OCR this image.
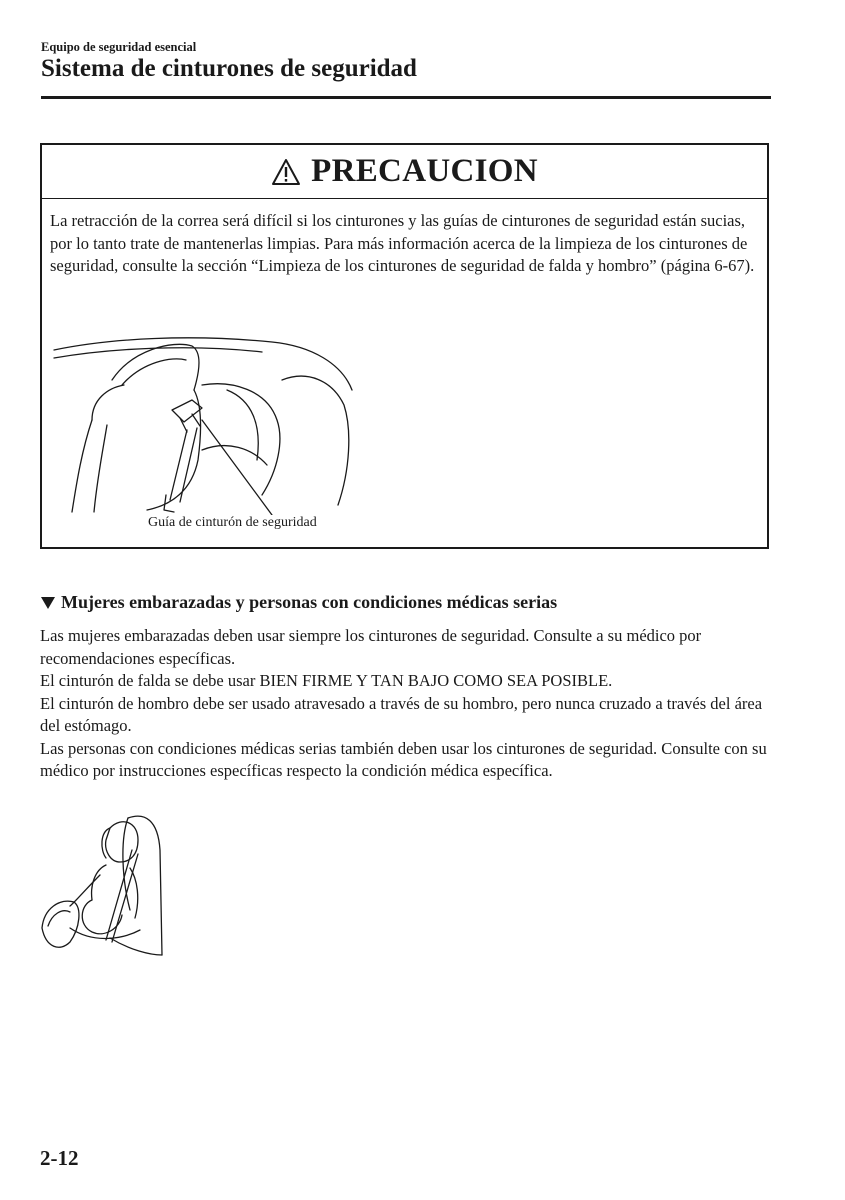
Equipo de seguridad esencial
Sistema de cinturones de seguridad
PRECAUCION

La retracción de la correa será difícil si los cinturones y las guías de cinturones de seguridad están sucias, por lo tanto trate de mantenerlas limpias. Para más información acerca de la limpieza de los cinturones de seguridad, consulte la sección “Limpieza de los cinturones de seguridad de falda y hombro” (página 6-67).

Guía de cinturón de seguridad
Mujeres embarazadas y personas con condiciones médicas serias

Las mujeres embarazadas deben usar siempre los cinturones de seguridad. Consulte a su médico por recomendaciones específicas.

El cinturón de falda se debe usar BIEN FIRME Y TAN BAJO COMO SEA POSIBLE.

El cinturón de hombro debe ser usado atravesado a través de su hombro, pero nunca cruzado a través del área del estómago.

Las personas con condiciones médicas serias también deben usar los cinturones de seguridad. Consulte con su médico por instrucciones específicas respecto la condición médica específica.

2-12
